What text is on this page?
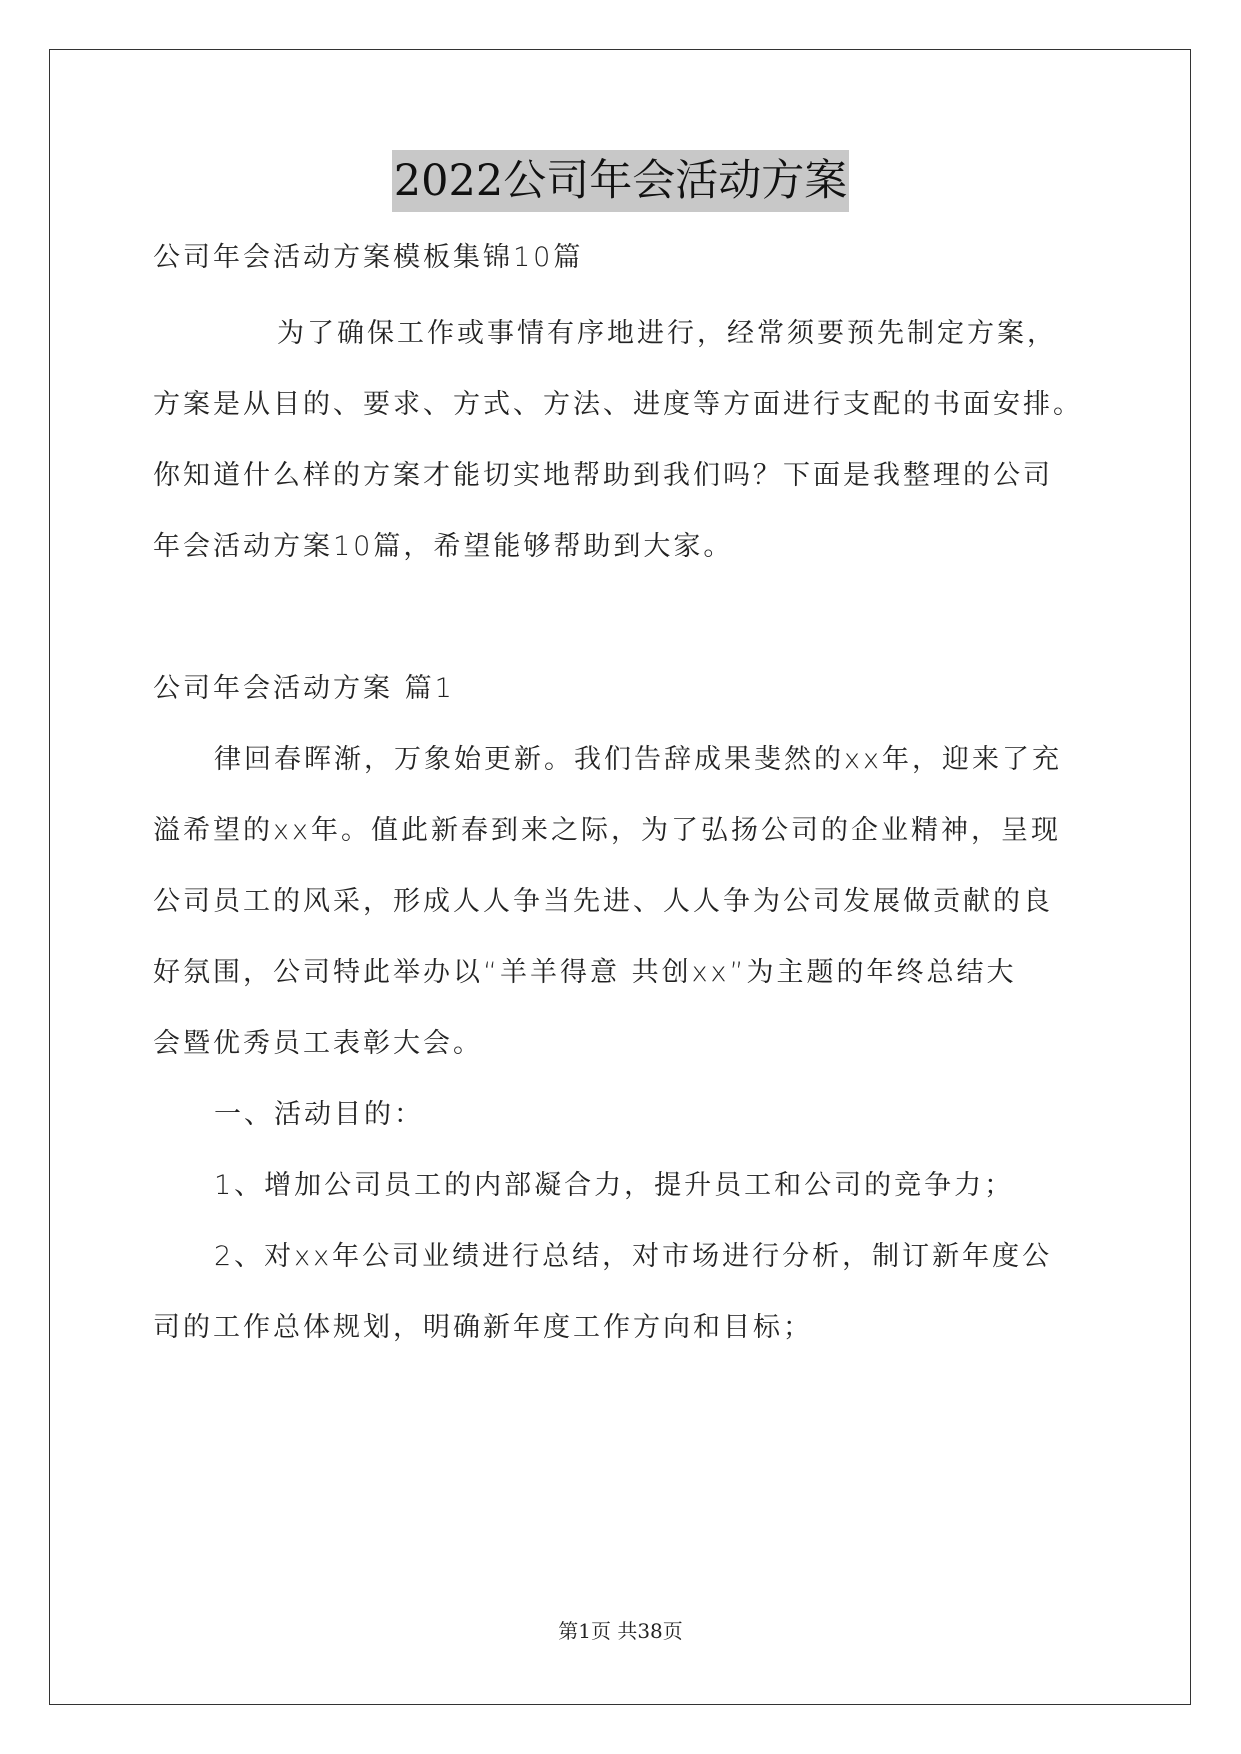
2022公司年会活动方案
公司年会活动方案模板集锦10篇
为了确保工作或事情有序地进行，经常须要预先制定方案，
方案是从目的、要求、方式、方法、进度等方面进行支配的书面安排。
你知道什么样的方案才能切实地帮助到我们吗？下面是我整理的公司
年会活动方案10篇，希望能够帮助到大家。
公司年会活动方案 篇1
律回春晖渐，万象始更新。我们告辞成果斐然的xx年，迎来了充
溢希望的xx年。值此新春到来之际，为了弘扬公司的企业精神，呈现
公司员工的风采，形成人人争当先进、人人争为公司发展做贡献的良
好氛围，公司特此举办以“羊羊得意 共创xx”为主题的年终总结大
会暨优秀员工表彰大会。
一、活动目的：
1、增加公司员工的内部凝合力，提升员工和公司的竞争力；
2、对xx年公司业绩进行总结，对市场进行分析，制订新年度公
司的工作总体规划，明确新年度工作方向和目标；
第1页 共38页
